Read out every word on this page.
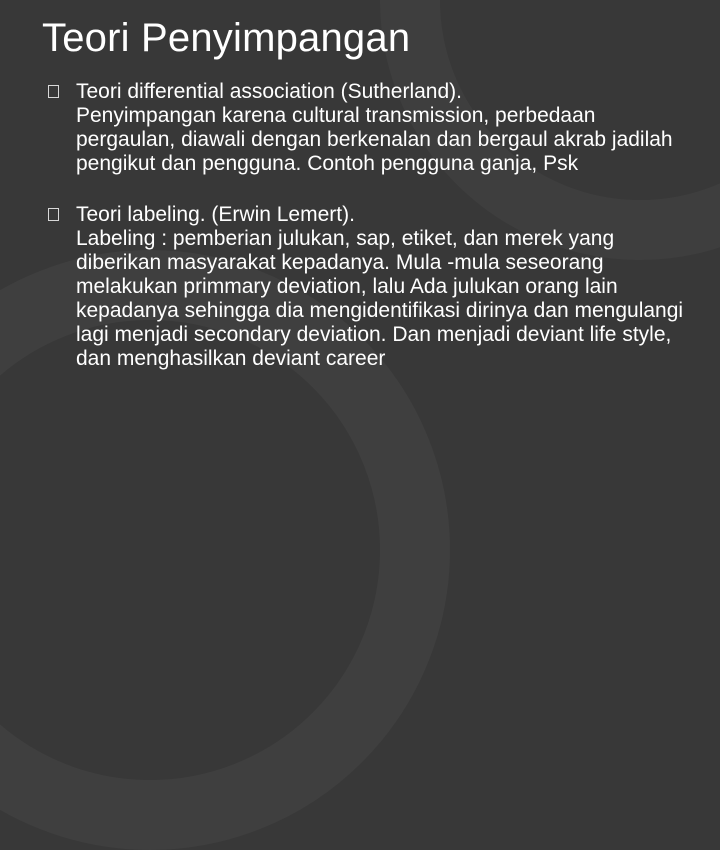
Teori Penyimpangan

Teori differential association (Sutherland).

Penyimpangan karena cultural transmission, perbedaan pergaulan, diawali dengan berkenalan dan bergaul akrab jadilah pengikut dan pengguna. Contoh pengguna ganja, Psk

Teori labeling. (Erwin Lemert).

Labeling : pemberian julukan, sap, etiket, dan merek yang diberikan masyarakat kepadanya. Mula -mula seseorang melakukan primmary deviation, lalu Ada julukan orang lain kepadanya sehingga dia mengidentifikasi dirinya dan mengulangi lagi menjadi secondary deviation. Dan menjadi deviant life style, dan menghasilkan deviant career
